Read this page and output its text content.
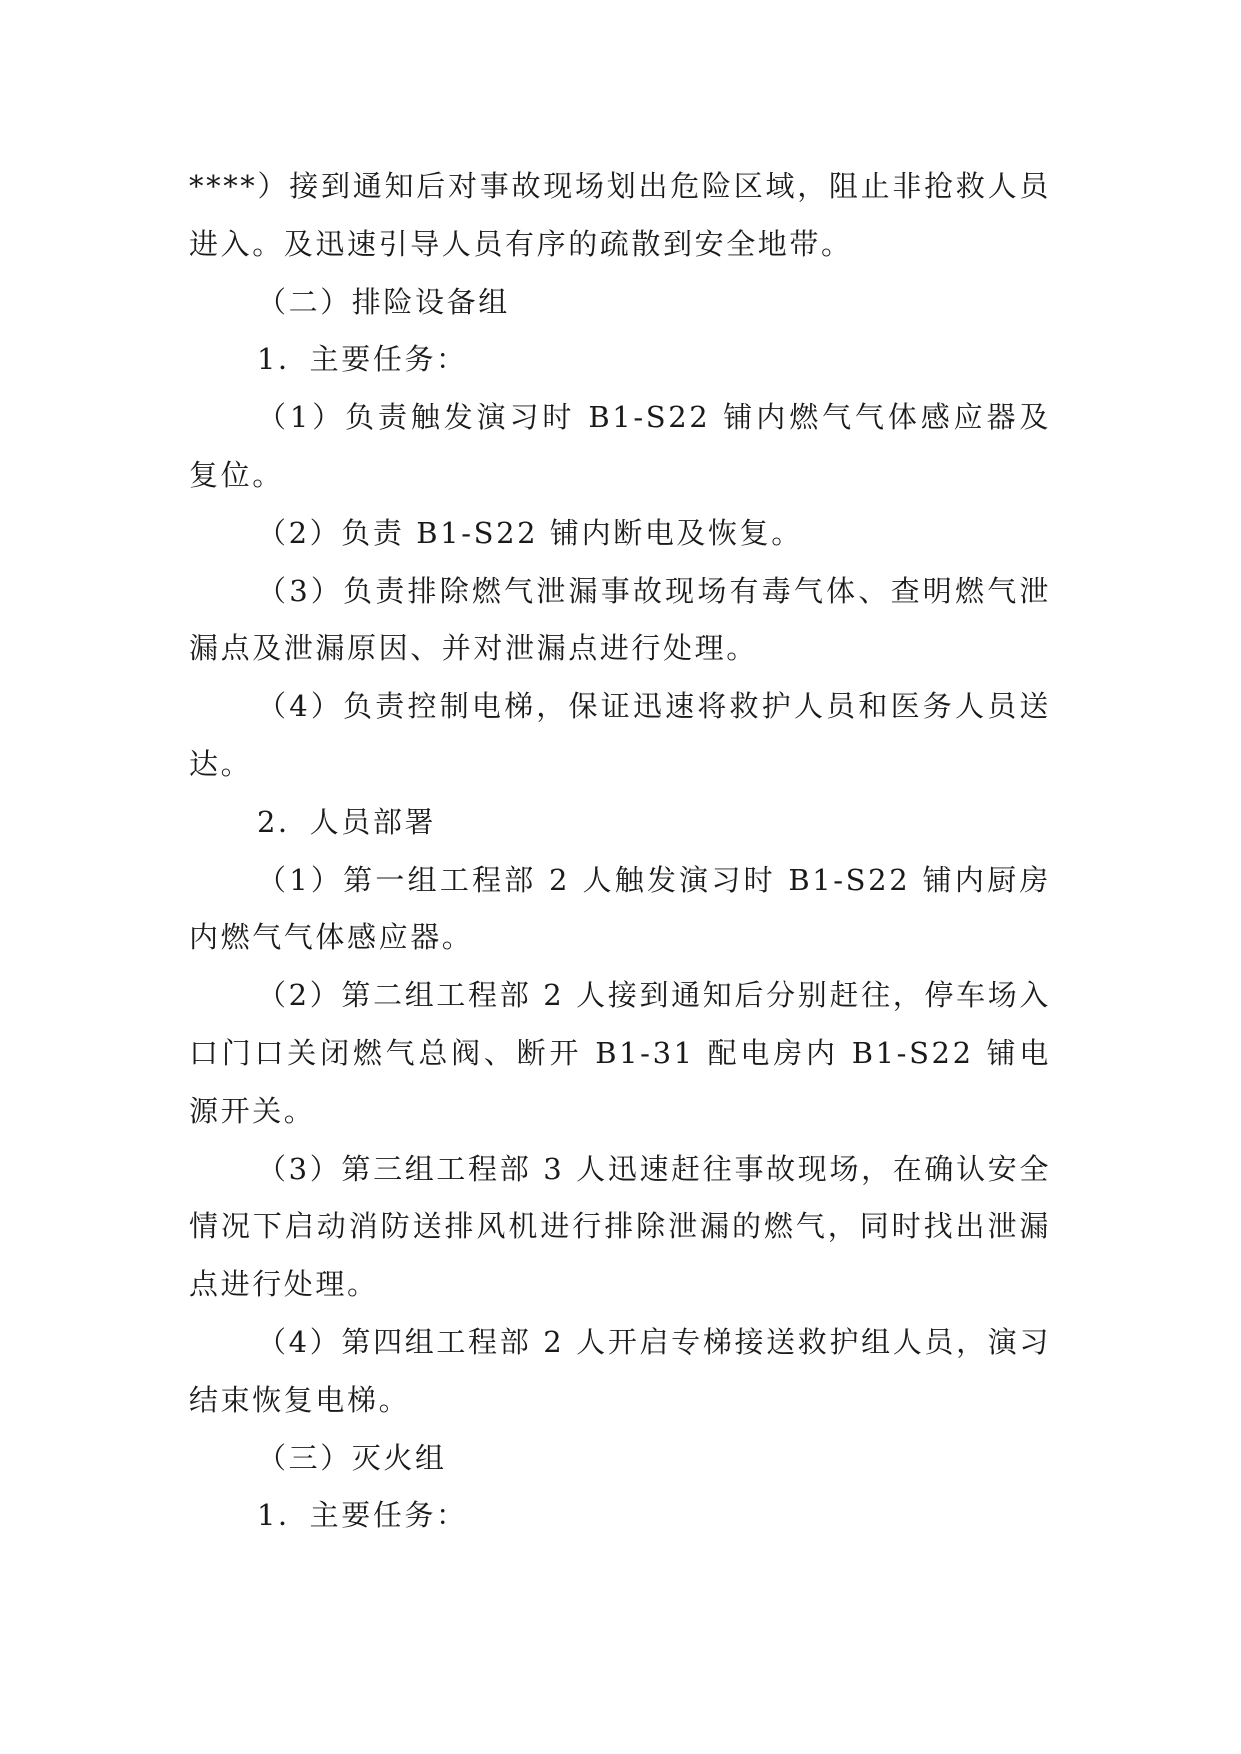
****）接到通知后对事故现场划出危险区域，阻止非抢救人员进入。及迅速引导人员有序的疏散到安全地带。

（二）排险设备组

1．主要任务：

（1）负责触发演习时 B1-S22 铺内燃气气体感应器及复位。

（2）负责 B1-S22 铺内断电及恢复。

（3）负责排除燃气泄漏事故现场有毒气体、查明燃气泄漏点及泄漏原因、并对泄漏点进行处理。

（4）负责控制电梯，保证迅速将救护人员和医务人员送达。

2．人员部署

（1）第一组工程部 2 人触发演习时 B1-S22 铺内厨房内燃气气体感应器。

（2）第二组工程部 2 人接到通知后分别赶往，停车场入口门口关闭燃气总阀、断开 B1-31 配电房内 B1-S22 铺电源开关。

（3）第三组工程部 3 人迅速赶往事故现场，在确认安全情况下启动消防送排风机进行排除泄漏的燃气，同时找出泄漏点进行处理。

（4）第四组工程部 2 人开启专梯接送救护组人员，演习结束恢复电梯。

（三）灭火组

1．主要任务：
